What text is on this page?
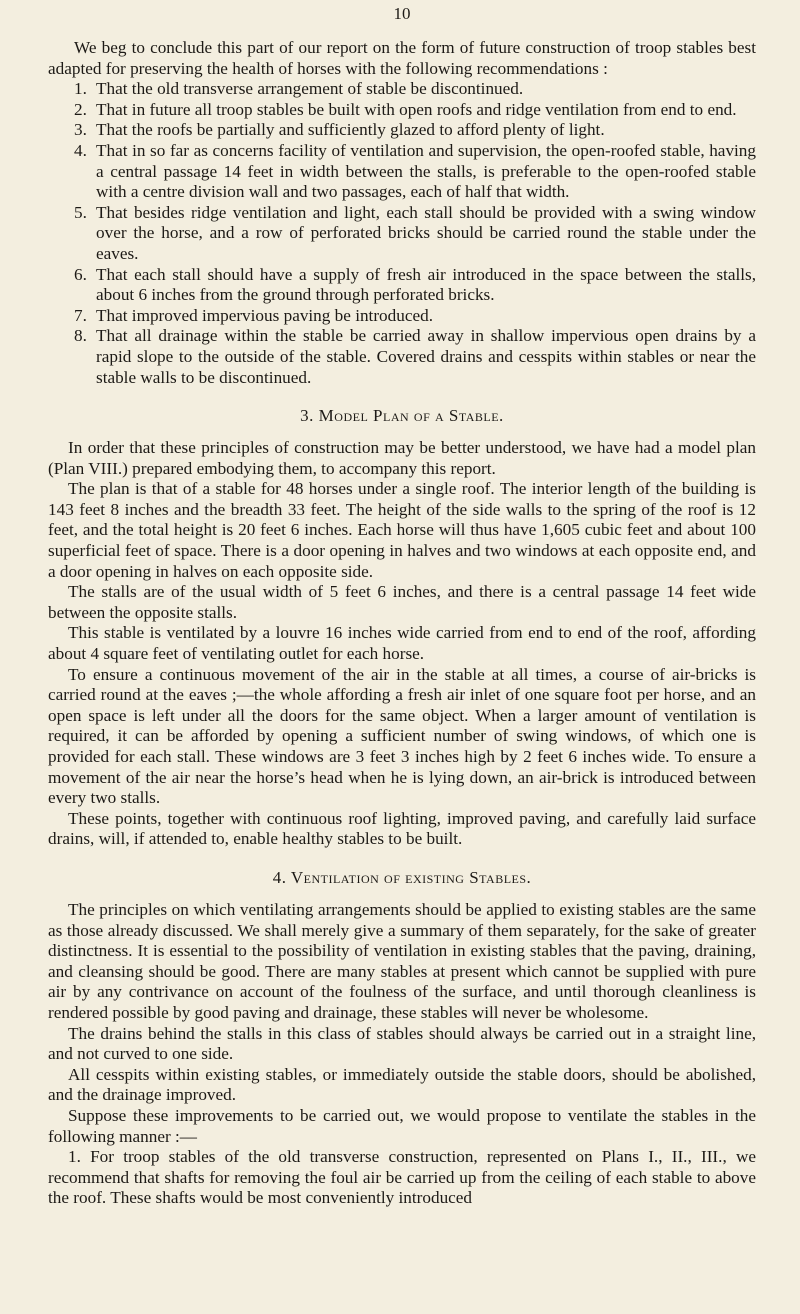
10

We beg to conclude this part of our report on the form of future construction of troop stables best adapted for preserving the health of horses with the following recommendations :

1. That the old transverse arrangement of stable be discontinued.
2. That in future all troop stables be built with open roofs and ridge ventilation from end to end.
3. That the roofs be partially and sufficiently glazed to afford plenty of light.
4. That in so far as concerns facility of ventilation and supervision, the open-roofed stable, having a central passage 14 feet in width between the stalls, is preferable to the open-roofed stable with a centre division wall and two passages, each of half that width.
5. That besides ridge ventilation and light, each stall should be provided with a swing window over the horse, and a row of perforated bricks should be carried round the stable under the eaves.
6. That each stall should have a supply of fresh air introduced in the space between the stalls, about 6 inches from the ground through perforated bricks.
7. That improved impervious paving be introduced.
8. That all drainage within the stable be carried away in shallow impervious open drains by a rapid slope to the outside of the stable. Covered drains and cesspits within stables or near the stable walls to be discontinued.
3. Model Plan of a Stable.

In order that these principles of construction may be better understood, we have had a model plan (Plan VIII.) prepared embodying them, to accompany this report.

The plan is that of a stable for 48 horses under a single roof. The interior length of the building is 143 feet 8 inches and the breadth 33 feet. The height of the side walls to the spring of the roof is 12 feet, and the total height is 20 feet 6 inches. Each horse will thus have 1,605 cubic feet and about 100 superficial feet of space. There is a door opening in halves and two windows at each opposite end, and a door opening in halves on each opposite side.

The stalls are of the usual width of 5 feet 6 inches, and there is a central passage 14 feet wide between the opposite stalls.

This stable is ventilated by a louvre 16 inches wide carried from end to end of the roof, affording about 4 square feet of ventilating outlet for each horse.

To ensure a continuous movement of the air in the stable at all times, a course of air-bricks is carried round at the eaves ;—the whole affording a fresh air inlet of one square foot per horse, and an open space is left under all the doors for the same object. When a larger amount of ventilation is required, it can be afforded by opening a sufficient number of swing windows, of which one is provided for each stall. These windows are 3 feet 3 inches high by 2 feet 6 inches wide. To ensure a movement of the air near the horse’s head when he is lying down, an air-brick is introduced between every two stalls.

These points, together with continuous roof lighting, improved paving, and carefully laid surface drains, will, if attended to, enable healthy stables to be built.

4. Ventilation of existing Stables.

The principles on which ventilating arrangements should be applied to existing stables are the same as those already discussed. We shall merely give a summary of them separately, for the sake of greater distinctness. It is essential to the possibility of ventilation in existing stables that the paving, draining, and cleansing should be good. There are many stables at present which cannot be supplied with pure air by any contrivance on account of the foulness of the surface, and until thorough cleanliness is rendered possible by good paving and drainage, these stables will never be wholesome.

The drains behind the stalls in this class of stables should always be carried out in a straight line, and not curved to one side.

All cesspits within existing stables, or immediately outside the stable doors, should be abolished, and the drainage improved.

Suppose these improvements to be carried out, we would propose to ventilate the stables in the following manner :—

1. For troop stables of the old transverse construction, represented on Plans I., II., III., we recommend that shafts for removing the foul air be carried up from the ceiling of each stable to above the roof. These shafts would be most conveniently introduced
